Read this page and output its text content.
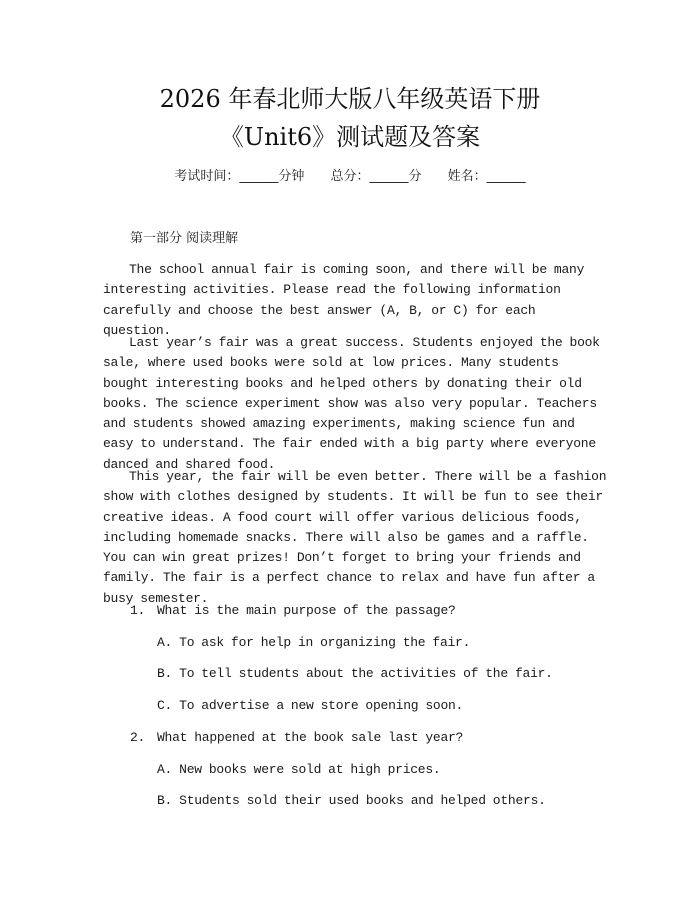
2026 年春北师大版八年级英语下册
《Unit6》测试题及答案
考试时间：______分钟 总分：______分 姓名：______
第一部分 阅读理解

The school annual fair is coming soon, and there will be many interesting activities. Please read the following information carefully and choose the best answer (A, B, or C) for each question.

Last year’s fair was a great success. Students enjoyed the book sale, where used books were sold at low prices. Many students bought interesting books and helped others by donating their old books. The science experiment show was also very popular. Teachers and students showed amazing experiments, making science fun and easy to understand. The fair ended with a big party where everyone danced and shared food.

This year, the fair will be even better. There will be a fashion show with clothes designed by students. It will be fun to see their creative ideas. A food court will offer various delicious foods, including homemade snacks. There will also be games and a raffle. You can win great prizes! Don’t forget to bring your friends and family. The fair is a perfect chance to relax and have fun after a busy semester.

1. What is the main purpose of the passage?
A. To ask for help in organizing the fair.
B. To tell students about the activities of the fair.
C. To advertise a new store opening soon.
2. What happened at the book sale last year?
A. New books were sold at high prices.
B. Students sold their used books and helped others.
